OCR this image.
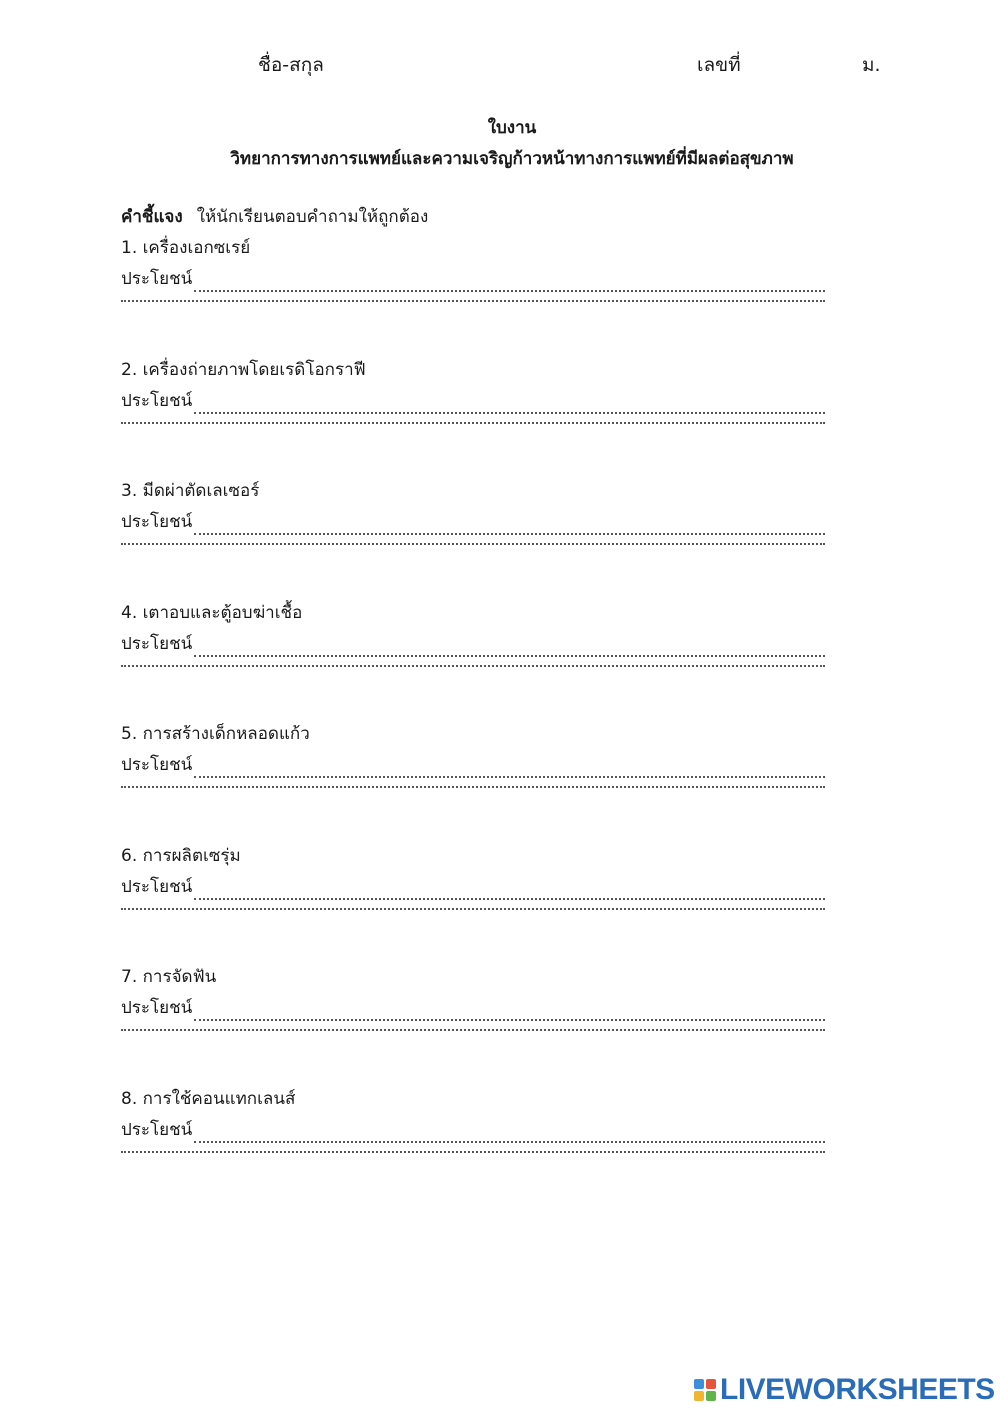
ชื่อ-สกุล	เลขที่	ม.
ใบงาน
วิทยาการทางการแพทย์และความเจริญก้าวหน้าทางการแพทย์ที่มีผลต่อสุขภาพ
คำชี้แจง ให้นักเรียนตอบคำถามให้ถูกต้อง
1. เครื่องเอกซเรย์
ประโยชน์
2. เครื่องถ่ายภาพโดยเรดิโอกราฟี
ประโยชน์
3. มีดผ่าตัดเลเซอร์
ประโยชน์
4. เตาอบและตู้อบฆ่าเชื้อ
ประโยชน์
5. การสร้างเด็กหลอดแก้ว
ประโยชน์
6. การผลิตเซรุ่ม
ประโยชน์
7. การจัดฟัน
ประโยชน์
8. การใช้คอนแทกเลนส์
ประโยชน์
LIVEWORKSHEETS
